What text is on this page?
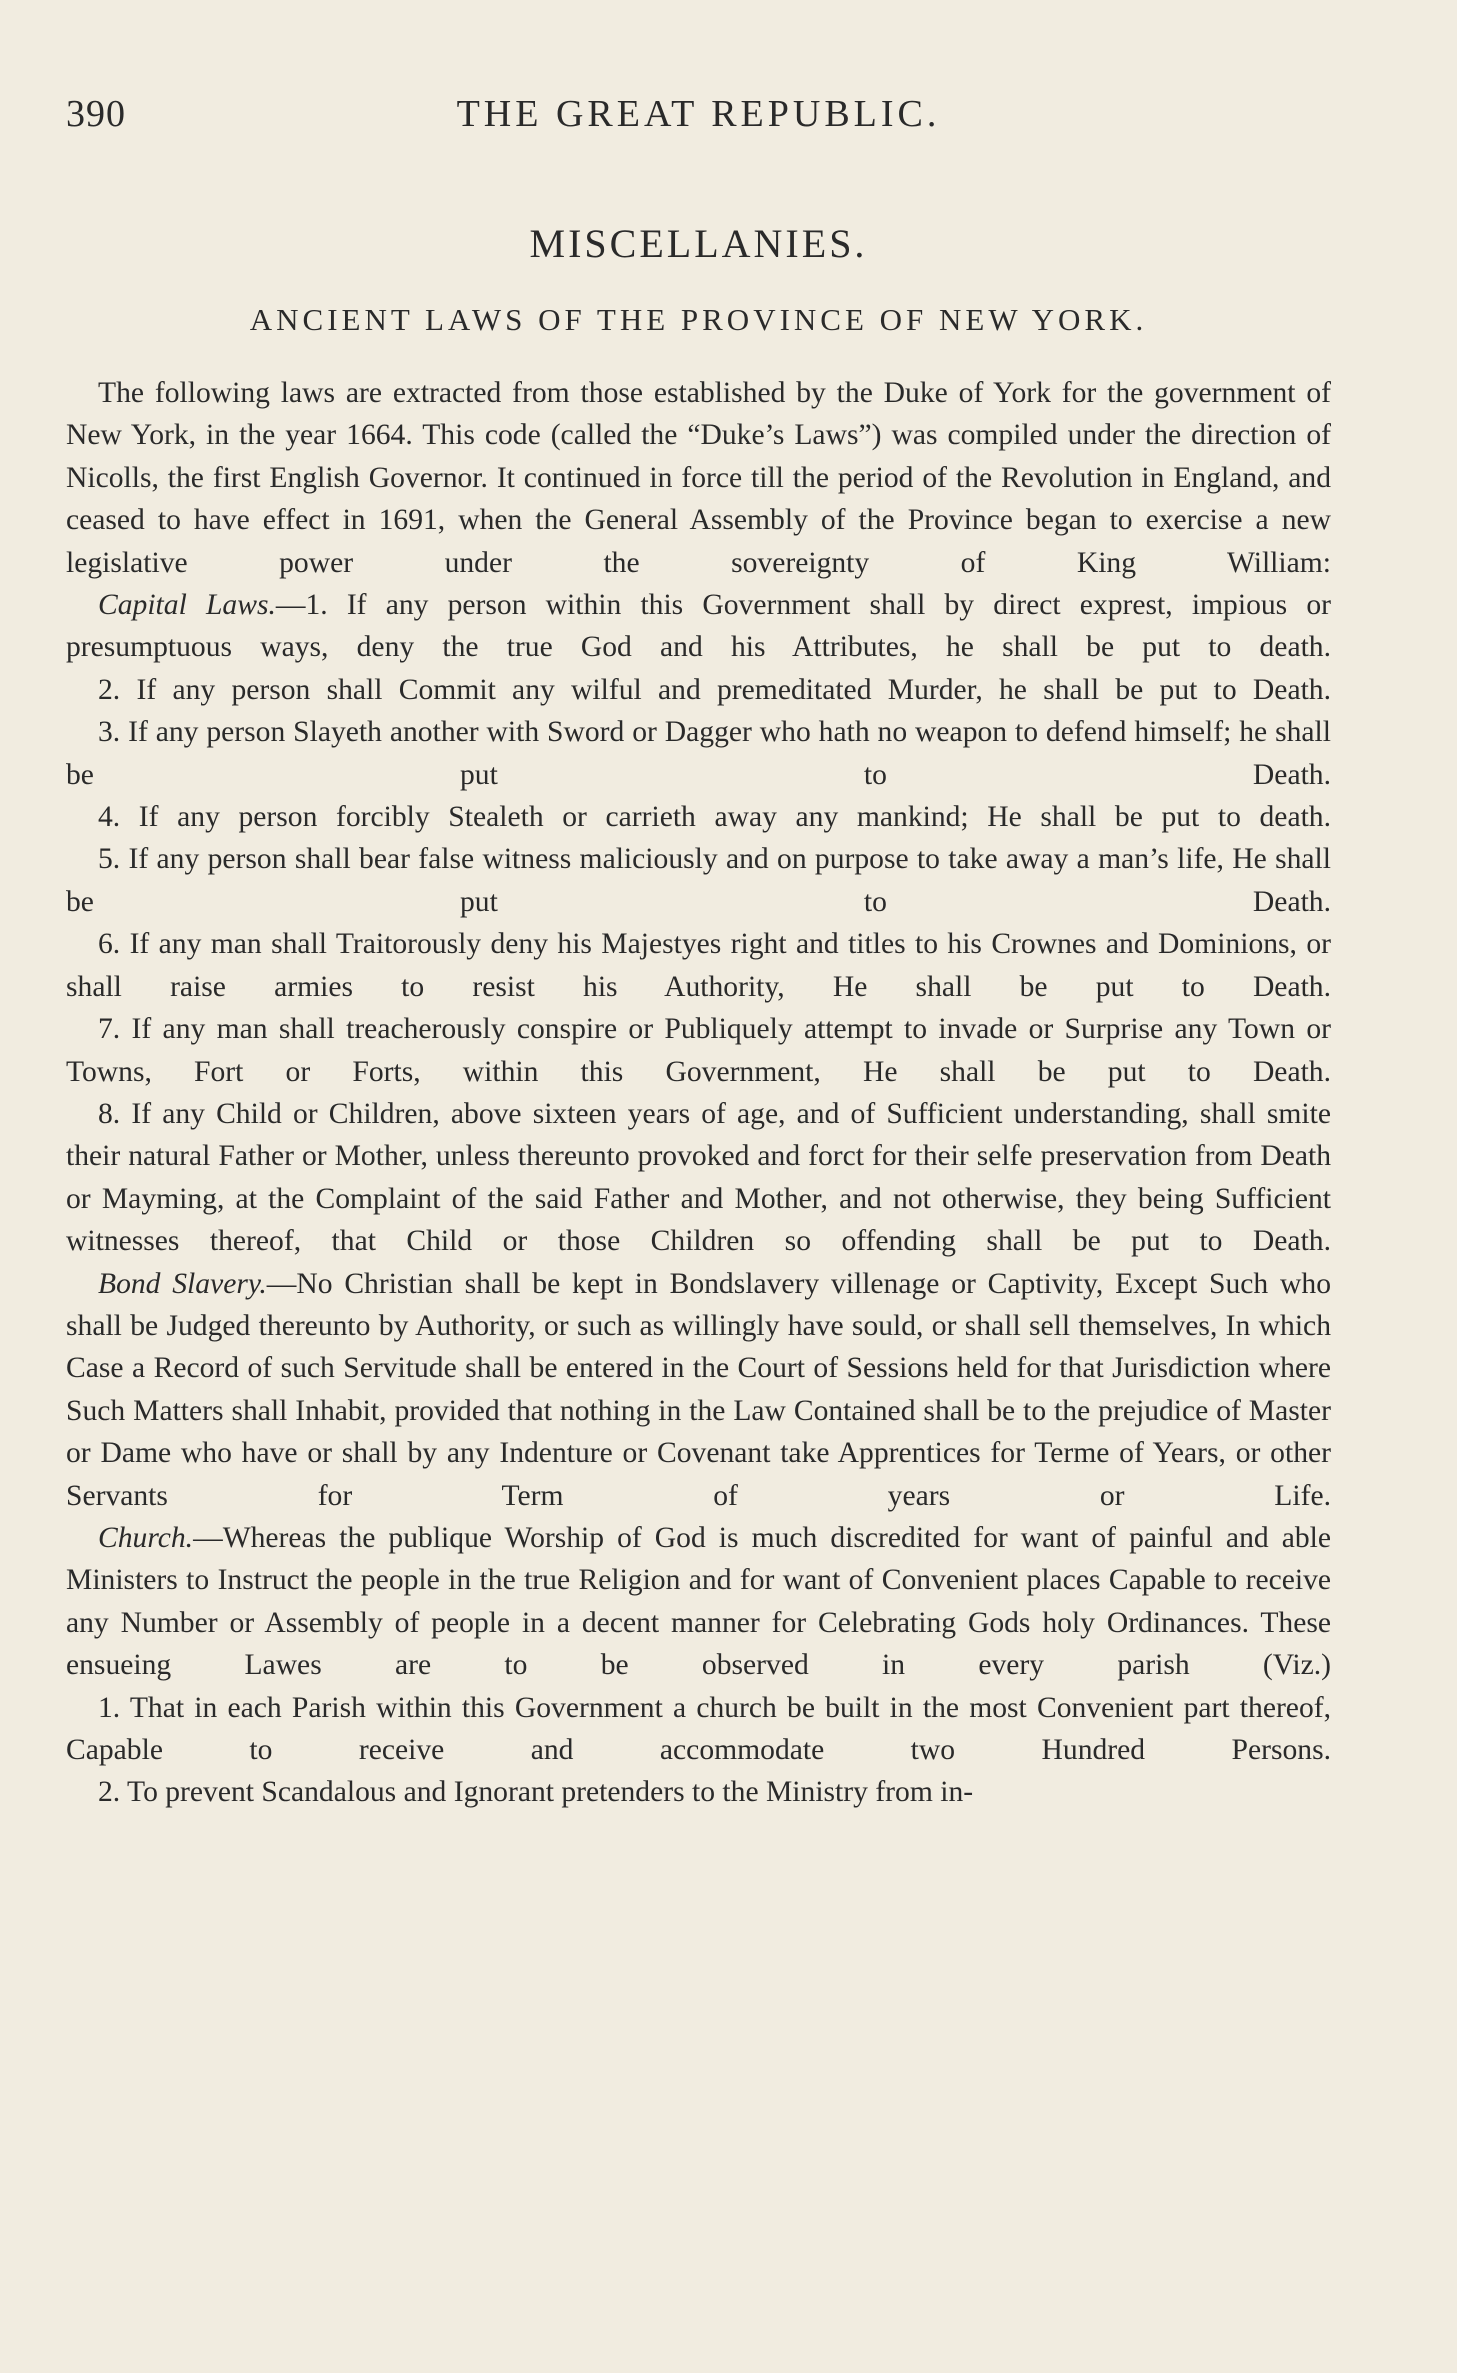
390	THE GREAT REPUBLIC.
MISCELLANIES.
ANCIENT LAWS OF THE PROVINCE OF NEW YORK.

The following laws are extracted from those established by the Duke of York for the government of New York, in the year 1664. This code (called the “Duke’s Laws”) was compiled under the direction of Nicolls, the first English Governor. It continued in force till the period of the Revolution in England, and ceased to have effect in 1691, when the General Assembly of the Province began to exercise a new legislative power under the sovereignty of King William:

Capital Laws.—1. If any person within this Government shall by direct exprest, impious or presumptuous ways, deny the true God and his Attributes, he shall be put to death.

2. If any person shall Commit any wilful and premeditated Murder, he shall be put to Death.

3. If any person Slayeth another with Sword or Dagger who hath no weapon to defend himself; he shall be put to Death.

4. If any person forcibly Stealeth or carrieth away any mankind; He shall be put to death.

5. If any person shall bear false witness maliciously and on purpose to take away a man’s life, He shall be put to Death.

6. If any man shall Traitorously deny his Majestyes right and titles to his Crownes and Dominions, or shall raise armies to resist his Authority, He shall be put to Death.

7. If any man shall treacherously conspire or Publiquely attempt to invade or Surprise any Town or Towns, Fort or Forts, within this Government, He shall be put to Death.

8. If any Child or Children, above sixteen years of age, and of Sufficient understanding, shall smite their natural Father or Mother, unless thereunto provoked and forct for their selfe preservation from Death or Mayming, at the Complaint of the said Father and Mother, and not otherwise, they being Sufficient witnesses thereof, that Child or those Children so offending shall be put to Death.

Bond Slavery.—No Christian shall be kept in Bondslavery villenage or Captivity, Except Such who shall be Judged thereunto by Authority, or such as willingly have sould, or shall sell themselves, In which Case a Record of such Servitude shall be entered in the Court of Sessions held for that Jurisdiction where Such Matters shall Inhabit, provided that nothing in the Law Contained shall be to the prejudice of Master or Dame who have or shall by any Indenture or Covenant take Apprentices for Terme of Years, or other Servants for Term of years or Life.

Church.—Whereas the publique Worship of God is much discredited for want of painful and able Ministers to Instruct the people in the true Religion and for want of Convenient places Capable to receive any Number or Assembly of people in a decent manner for Celebrating Gods holy Ordinances. These ensueing Lawes are to be observed in every parish (Viz.)

1. That in each Parish within this Government a church be built in the most Convenient part thereof, Capable to receive and accommodate two Hundred Persons.

2. To prevent Scandalous and Ignorant pretenders to the Ministry from in-
